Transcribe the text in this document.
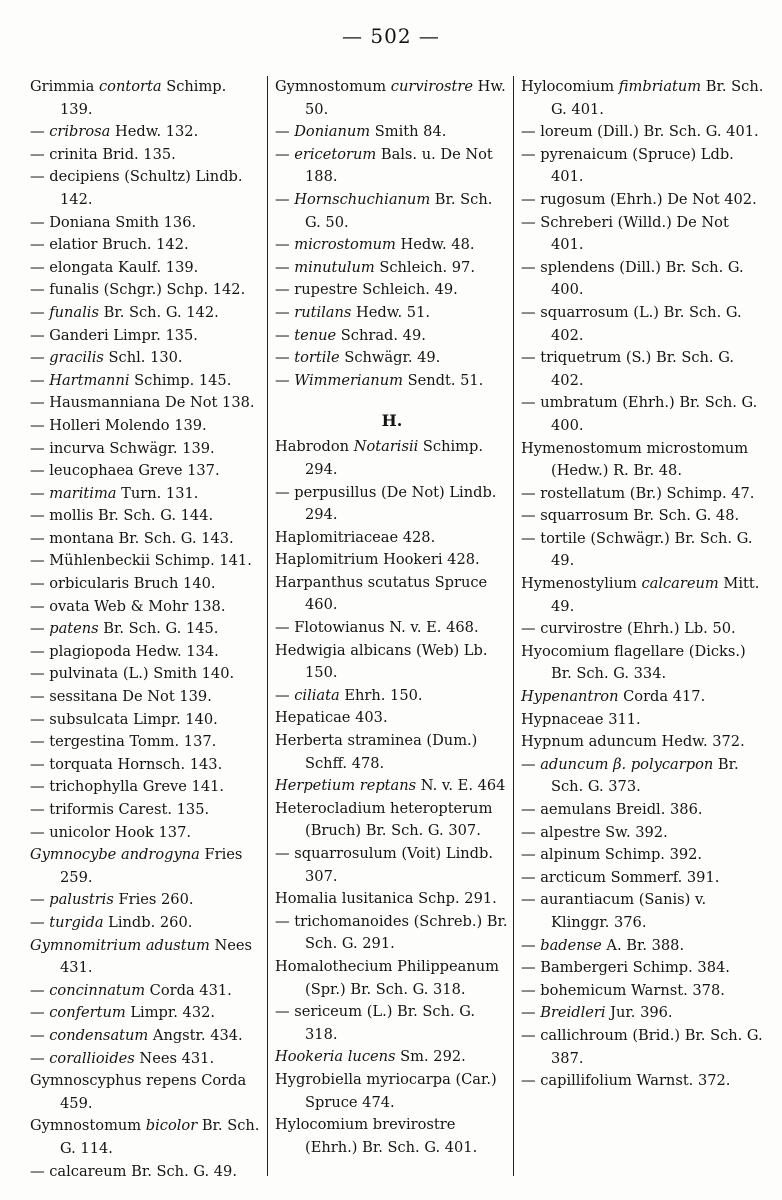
— 502 —
Grimmia contorta Schimp. 139.
— cribrosa Hedw. 132.
— crinita Brid. 135.
— decipiens (Schultz) Lindb. 142.
— Doniana Smith 136.
— elatior Bruch. 142.
— elongata Kaulf. 139.
— funalis (Schgr.) Schp. 142.
— funalis Br. Sch. G. 142.
— Ganderi Limpr. 135.
— gracilis Schl. 130.
— Hartmanni Schimp. 145.
— Hausmanniana De Not 138.
— Holleri Molendo 139.
— incurva Schwägr. 139.
— leucophaea Greve 137.
— maritima Turn. 131.
— mollis Br. Sch. G. 144.
— montana Br. Sch. G. 143.
— Mühlenbeckii Schimp. 141.
— orbicularis Bruch 140.
— ovata Web & Mohr 138.
— patens Br. Sch. G. 145.
— plagiopoda Hedw. 134.
— pulvinata (L.) Smith 140.
— sessitana De Not 139.
— subsulcata Limpr. 140.
— tergestina Tomm. 137.
— torquata Hornsch. 143.
— trichophylla Greve 141.
— triformis Carest. 135.
— unicolor Hook 137.
Gymnocybe androgyna Fries 259.
— palustris Fries 260.
— turgida Lindb. 260.
Gymnomitrium adustum Nees 431.
— concinnatum Corda 431.
— confertum Limpr. 432.
— condensatum Angstr. 434.
— corallioides Nees 431.
Gymnoscyphus repens Corda 459.
Gymnostomum bicolor Br. Sch. G. 114.
— calcareum Br. Sch. G. 49.
Gymnostomum curvirostre Hw. 50.
— Donianum Smith 84.
— ericetorum Bals. u. De Not 188.
— Hornschuchianum Br. Sch. G. 50.
— microstomum Hedw. 48.
— minutulum Schleich. 97.
— rupestre Schleich. 49.
— rutilans Hedw. 51.
— tenue Schrad. 49.
— tortile Schwägr. 49.
— Wimmerianum Sendt. 51.
H.
Habrodon Notarisii Schimp. 294.
— perpusillus (De Not) Lindb. 294.
Haplomitriaceae 428.
Haplomitrium Hookeri 428.
Harpanthus scutatus Spruce 460.
— Flotowianus N. v. E. 468.
Hedwigia albicans (Web) Lb. 150.
— ciliata Ehrh. 150.
Hepaticae 403.
Herberta straminea (Dum.) Schff. 478.
Herpetium reptans N. v. E. 464
Heterocladium heteropterum (Bruch) Br. Sch. G. 307.
— squarrosulum (Voit) Lindb. 307.
Homalia lusitanica Schp. 291.
— trichomanoides (Schreb.) Br. Sch. G. 291.
Homalothecium Philippeanum (Spr.) Br. Sch. G. 318.
— sericeum (L.) Br. Sch. G. 318.
Hookeria lucens Sm. 292.
Hygrobiella myriocarpa (Car.) Spruce 474.
Hylocomium brevirostre (Ehrh.) Br. Sch. G. 401.
Hylocomium fimbriatum Br. Sch. G. 401.
— loreum (Dill.) Br. Sch. G. 401.
— pyrenaicum (Spruce) Ldb. 401.
— rugosum (Ehrh.) De Not 402.
— Schreberi (Willd.) De Not 401.
— splendens (Dill.) Br. Sch. G. 400.
— squarrosum (L.) Br. Sch. G. 402.
— triquetrum (S.) Br. Sch. G. 402.
— umbratum (Ehrh.) Br. Sch. G. 400.
Hymenostomum microstomum (Hedw.) R. Br. 48.
— rostellatum (Br.) Schimp. 47.
— squarrosum Br. Sch. G. 48.
— tortile (Schwägr.) Br. Sch. G. 49.
Hymenostylium calcareum Mitt. 49.
— curvirostre (Ehrh.) Lb. 50.
Hyocomium flagellare (Dicks.) Br. Sch. G. 334.
Hypenantron Corda 417.
Hypnaceae 311.
Hypnum aduncum Hedw. 372.
— aduncum β. polycarpon Br. Sch. G. 373.
— aemulans Breidl. 386.
— alpestre Sw. 392.
— alpinum Schimp. 392.
— arcticum Sommerf. 391.
— aurantiacum (Sanis) v. Klinggr. 376.
— badense A. Br. 388.
— Bambergeri Schimp. 384.
— bohemicum Warnst. 378.
— Breidleri Jur. 396.
— callichroum (Brid.) Br. Sch. G. 387.
— capillifolium Warnst. 372.
